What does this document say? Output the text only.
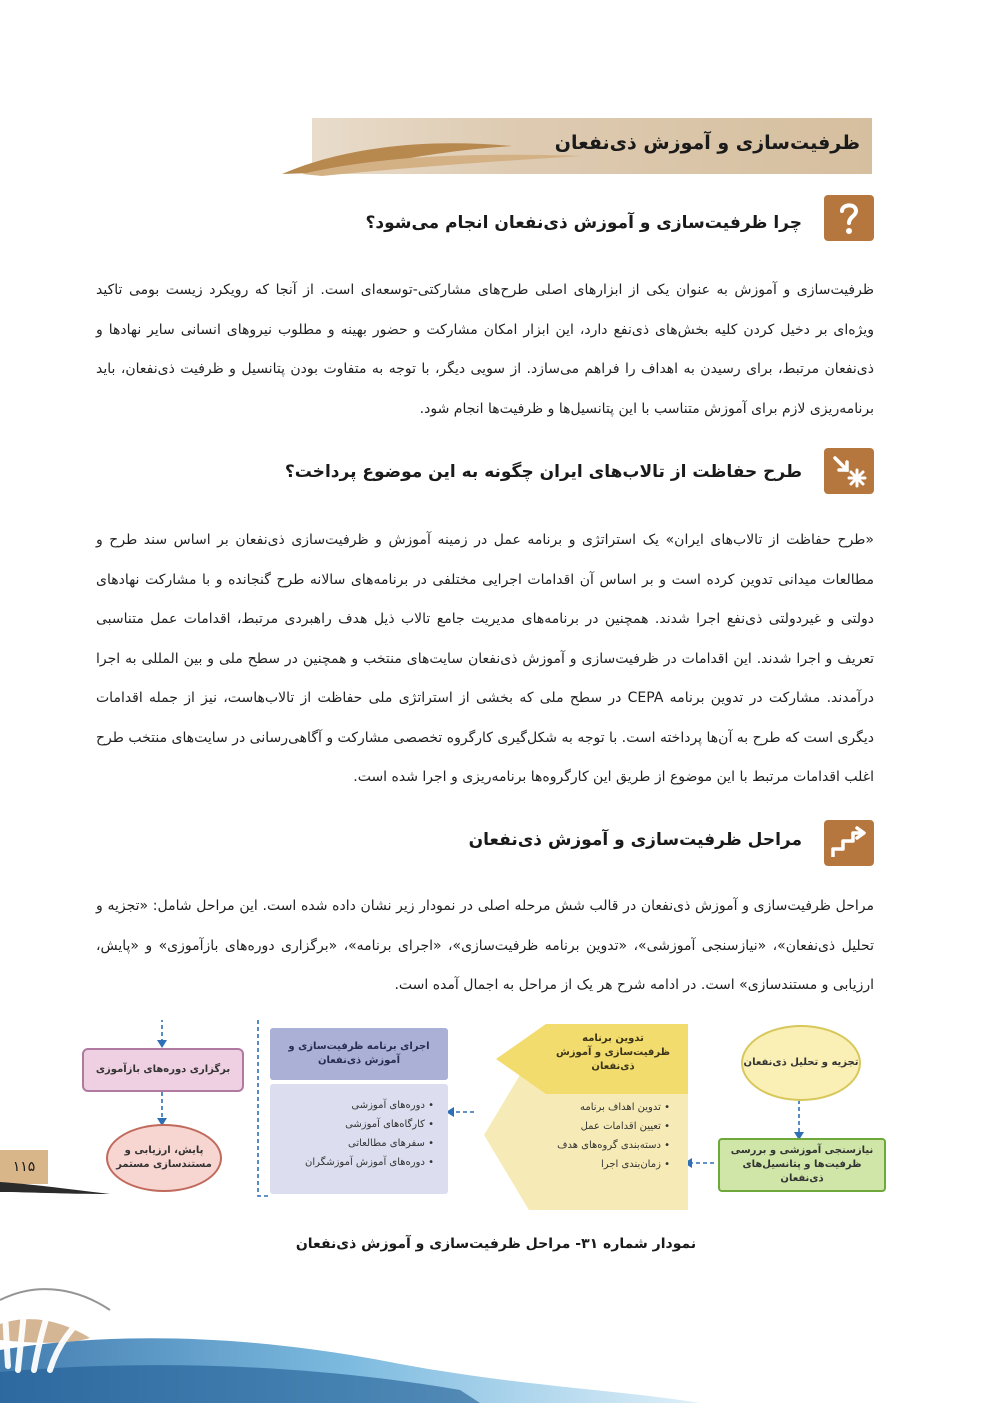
ظرفیت‌سازی و آموزش ذی‌نفعان
چرا ظرفیت‌سازی و آموزش ذی‌نفعان انجام می‌شود؟
ظرفیت‌سازی و آموزش به عنوان یکی از ابزارهای اصلی طرح‌های مشارکتی-توسعه‌ای است. از آنجا که رویکرد زیست بومی تاکید ویژه‌ای بر دخیل کردن کلیه بخش‌های ذی‌نفع دارد، این ابزار امکان مشارکت و حضور بهینه و مطلوب نیروهای انسانی سایر نهادها و ذی‌نفعان مرتبط، برای رسیدن به اهداف را فراهم می‌سازد. از سویی دیگر، با توجه به متفاوت بودن پتانسیل و ظرفیت ذی‌نفعان، باید برنامه‌ریزی لازم برای آموزش متناسب با این پتانسیل‌ها و ظرفیت‌ها انجام شود.
طرح حفاظت از تالاب‌های ایران چگونه به این موضوع پرداخت؟
«طرح حفاظت از تالاب‌های ایران» یک استراتژی و برنامه عمل در زمینه آموزش و ظرفیت‌سازی ذی‌نفعان بر اساس سند طرح و مطالعات میدانی تدوین کرده است و بر اساس آن اقدامات اجرایی مختلفی در برنامه‌های سالانه طرح گنجانده و با مشارکت نهادهای دولتی و غیردولتی ذی‌نفع اجرا شدند. همچنین در برنامه‌های مدیریت جامع تالاب ذیل هدف راهبردی مرتبط، اقدامات عمل متناسبی تعریف و اجرا شدند. این اقدامات در ظرفیت‌سازی و آموزش ذی‌نفعان سایت‌های منتخب و همچنین در سطح ملی و بین المللی به اجرا درآمدند. مشارکت در تدوین برنامه CEPA در سطح ملی که بخشی از استراتژی ملی حفاظت از تالاب‌هاست، نیز از جمله اقدامات دیگری است که طرح به آن‌ها پرداخته است. با توجه به شکل‌گیری کارگروه تخصصی مشارکت و آگاهی‌رسانی در سایت‌های منتخب طرح اغلب اقدامات مرتبط با این موضوع از طریق این کارگروه‌ها برنامه‌ریزی و اجرا شده است.
مراحل ظرفیت‌سازی و آموزش ذی‌نفعان
مراحل ظرفیت‌سازی و آموزش ذی‌نفعان در قالب شش مرحله اصلی در نمودار زیر نشان داده شده است. این مراحل شامل: «تجزیه و تحلیل ذی‌نفعان»، «نیازسنجی آموزشی»، «تدوین برنامه ظرفیت‌سازی»، «اجرای برنامه»، «برگزاری دوره‌های بازآموزی» و «پایش، ارزیابی و مستندسازی» است. در ادامه شرح هر یک از مراحل به اجمال آمده است.
تجزیه و تحلیل ذی‌نفعان
نیازسنجی آموزشی و بررسی ظرفیت‌ها و پتانسیل‌های ذی‌نفعان
تدوین برنامه ظرفیت‌سازی و آموزش ذی‌نفعان
• تدوین اهداف برنامه
• تعیین اقدامات عمل
• دسته‌بندی گروه‌های هدف
• زمان‌بندی اجرا
اجرای برنامه ظرفیت‌سازی و آموزش ذی‌نفعان
• دوره‌های آموزشی
• کارگاه‌های آموزشی
• سفرهای مطالعاتی
• دوره‌های آموزش آموزشگران
برگزاری دوره‌های بازآموزی
پایش، ارزیابی و مستندسازی مستمر
نمودار شماره ۳۱- مراحل ظرفیت‌سازی و آموزش ذی‌نفعان
۱۱۵
